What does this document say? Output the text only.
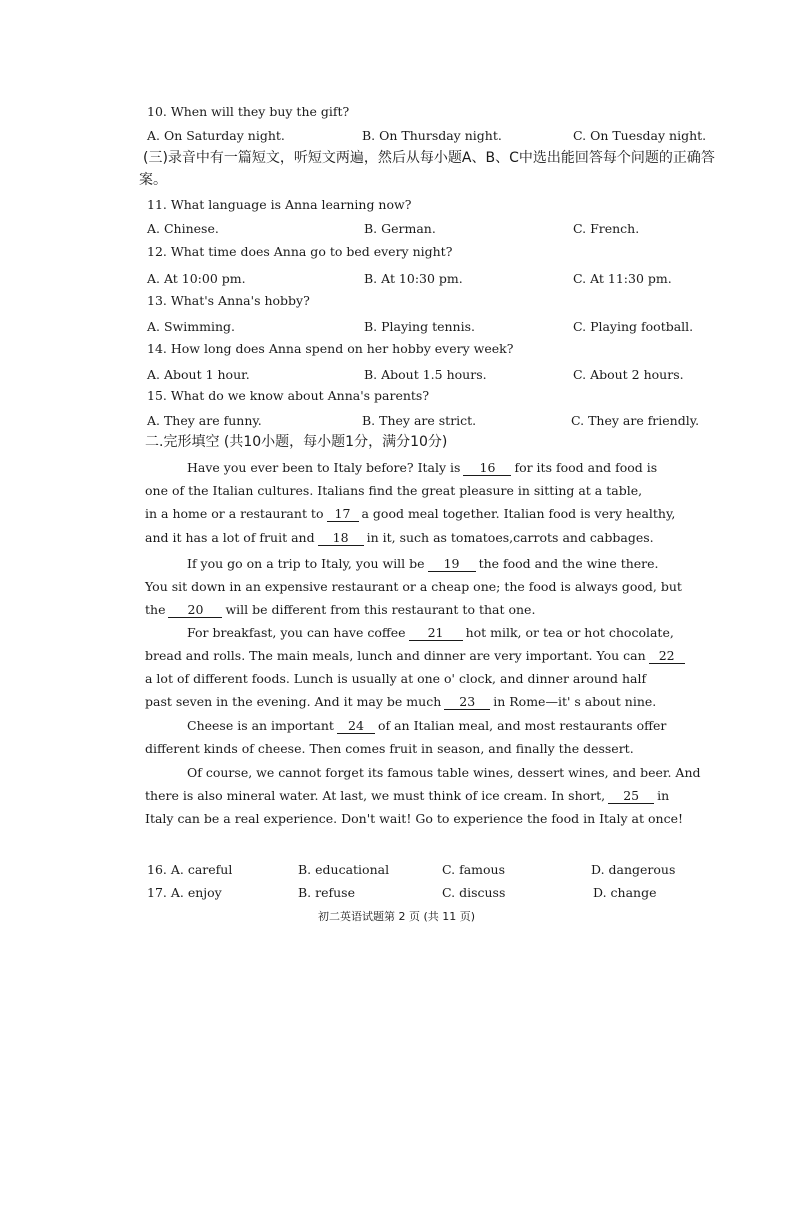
10. When will they buy the gift?
A. On Saturday night.	B. On Thursday night.	C. On Tuesday night.
(三)录音中有一篇短文，听短文两遍，然后从每小题A、B、C中选出能回答每个问题的正确答
案。
11. What language is Anna learning now?
A. Chinese.	B. German.	C. French.
12. What time does Anna go to bed every night?
A. At 10:00 pm.	B. At 10:30 pm.	C. At 11:30 pm.
13. What's Anna's hobby?
A. Swimming.	B. Playing tennis.	C. Playing football.
14. How long does Anna spend on her hobby every week?
A. About 1 hour.	B. About 1.5 hours.	C. About 2 hours.
15. What do we know about Anna's parents?
A. They are funny.	B. They are strict.	C. They are friendly.
二.完形填空 (共10小题，每小题1分，满分10分)
Have you ever been to Italy before? Italy is 16 for its food and food is
one of the Italian cultures. Italians find the great pleasure in sitting at a table,
in a home or a restaurant to 17 a good meal together. Italian food is very healthy,
and it has a lot of fruit and 18 in it, such as tomatoes,carrots and cabbages.
If you go on a trip to Italy, you will be 19 the food and the wine there.
You sit down in an expensive restaurant or a cheap one; the food is always good, but
the 20 will be different from this restaurant to that one.
For breakfast, you can have coffee 21 hot milk, or tea or hot chocolate,
bread and rolls. The main meals, lunch and dinner are very important. You can 22
a lot of different foods. Lunch is usually at one o' clock, and dinner around half
past seven in the evening. And it may be much 23 in Rome—it' s about nine.
Cheese is an important 24 of an Italian meal, and most restaurants offer
different kinds of cheese. Then comes fruit in season, and finally the dessert.
Of course, we cannot forget its famous table wines, dessert wines, and beer. And
there is also mineral water. At last, we must think of ice cream. In short, 25 in
Italy can be a real experience. Don't wait! Go to experience the food in Italy at once!
16. A. careful	B. educational	C. famous	D. dangerous
17. A. enjoy	B. refuse	C. discuss	D. change
初二英语试题第 2 页 (共 11 页)
